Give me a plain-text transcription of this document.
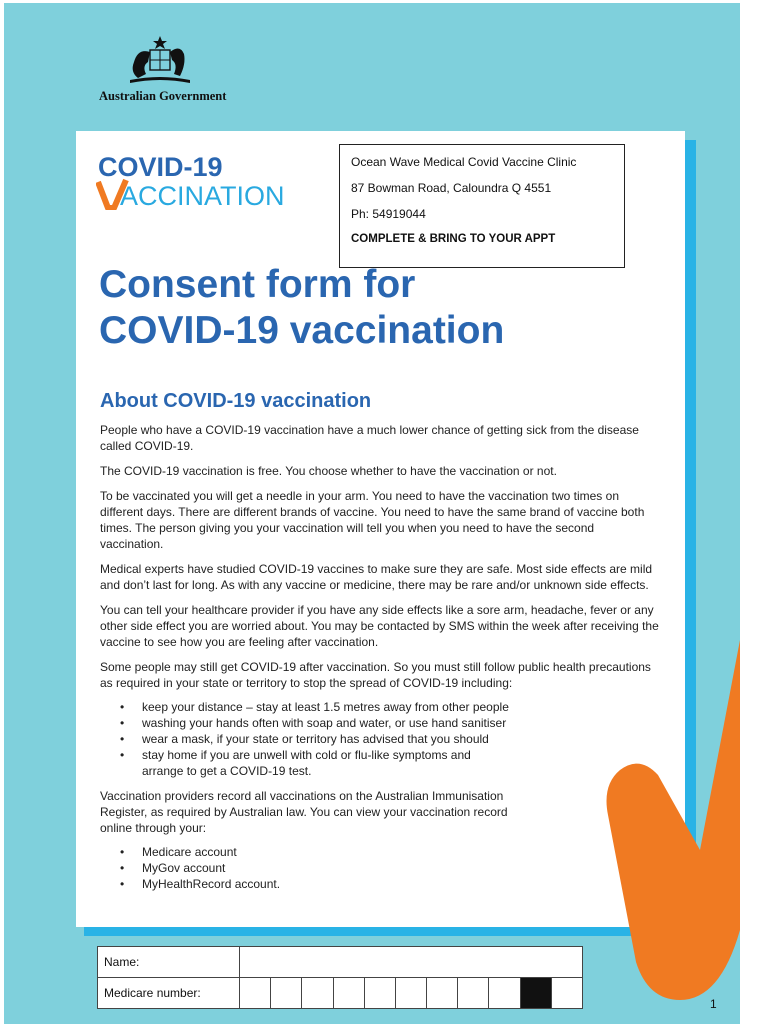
Australian Government
COVID-19
ACCINATION
Ocean Wave Medical Covid Vaccine Clinic
87 Bowman Road, Caloundra Q 4551
Ph: 54919044
COMPLETE & BRING TO YOUR APPT
Consent form for
COVID-19 vaccination
About COVID-19 vaccination

People who have a COVID-19 vaccination have a much lower chance of getting sick from the disease called COVID-19.

The COVID-19 vaccination is free. You choose whether to have the vaccination or not.

To be vaccinated you will get a needle in your arm. You need to have the vaccination two times on different days. There are different brands of vaccine. You need to have the same brand of vaccine both times. The person giving you your vaccination will tell you when you need to have the second vaccination.

Medical experts have studied COVID-19 vaccines to make sure they are safe. Most side effects are mild and don’t last for long. As with any vaccine or medicine, there may be rare and/or unknown side effects.

You can tell your healthcare provider if you have any side effects like a sore arm, headache, fever or any other side effect you are worried about. You may be contacted by SMS within the week after receiving the vaccine to see how you are feeling after vaccination.

Some people may still get COVID-19 after vaccination. So you must still follow public health precautions as required in your state or territory to stop the spread of COVID-19 including:

• keep your distance – stay at least 1.5 metres away from other people
• washing your hands often with soap and water, or use hand sanitiser
• wear a mask, if your state or territory has advised that you should
• stay home if you are unwell with cold or flu-like symptoms and arrange to get a COVID-19 test.

Vaccination providers record all vaccinations on the Australian Immunisation Register, as required by Australian law. You can view your vaccination record online through your:

• Medicare account
• MyGov account
• MyHealthRecord account.
Name:											
Medicare number:											
1
